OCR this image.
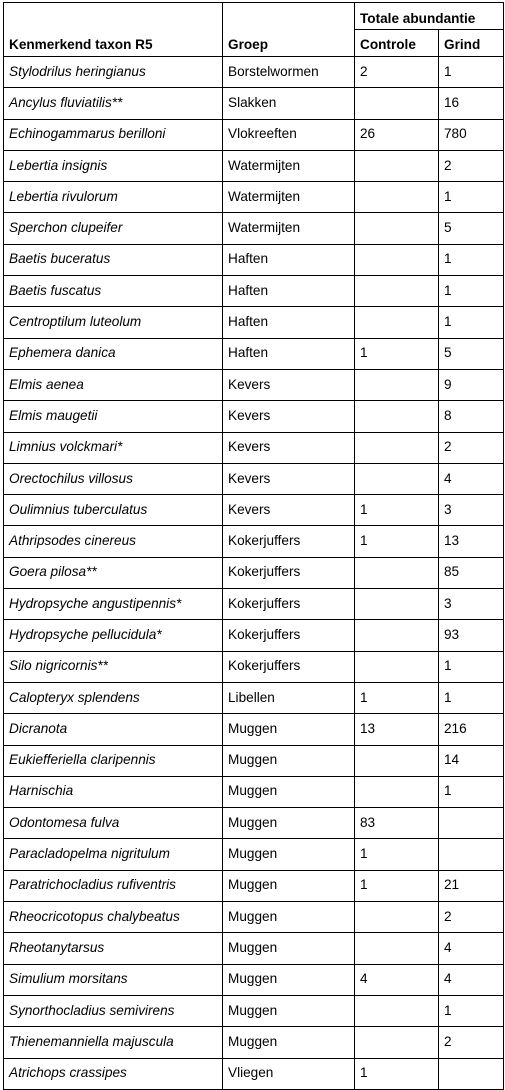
		Totale abundantie	
Kenmerkend taxon R5	Groep	Controle	Grind
Stylodrilus heringianus	Borstelwormen	2	1
Ancylus fluviatilis**	Slakken		16
Echinogammarus berilloni	Vlokreeften	26	780
Lebertia insignis	Watermijten		2
Lebertia rivulorum	Watermijten		1
Sperchon clupeifer	Watermijten		5
Baetis buceratus	Haften		1
Baetis fuscatus	Haften		1
Centroptilum luteolum	Haften		1
Ephemera danica	Haften	1	5
Elmis aenea	Kevers		9
Elmis maugetii	Kevers		8
Limnius volckmari*	Kevers		2
Orectochilus villosus	Kevers		4
Oulimnius tuberculatus	Kevers	1	3
Athripsodes cinereus	Kokerjuffers	1	13
Goera pilosa**	Kokerjuffers		85
Hydropsyche angustipennis*	Kokerjuffers		3
Hydropsyche pellucidula*	Kokerjuffers		93
Silo nigricornis**	Kokerjuffers		1
Calopteryx splendens	Libellen	1	1
Dicranota	Muggen	13	216
Eukiefferiella claripennis	Muggen		14
Harnischia	Muggen		1
Odontomesa fulva	Muggen	83	
Paracladopelma nigritulum	Muggen	1	
Paratrichocladius rufiventris	Muggen	1	21
Rheocricotopus chalybeatus	Muggen		2
Rheotanytarsus	Muggen		4
Simulium morsitans	Muggen	4	4
Synorthocladius semivirens	Muggen		1
Thienemanniella majuscula	Muggen		2
Atrichops crassipes	Vliegen	1	
